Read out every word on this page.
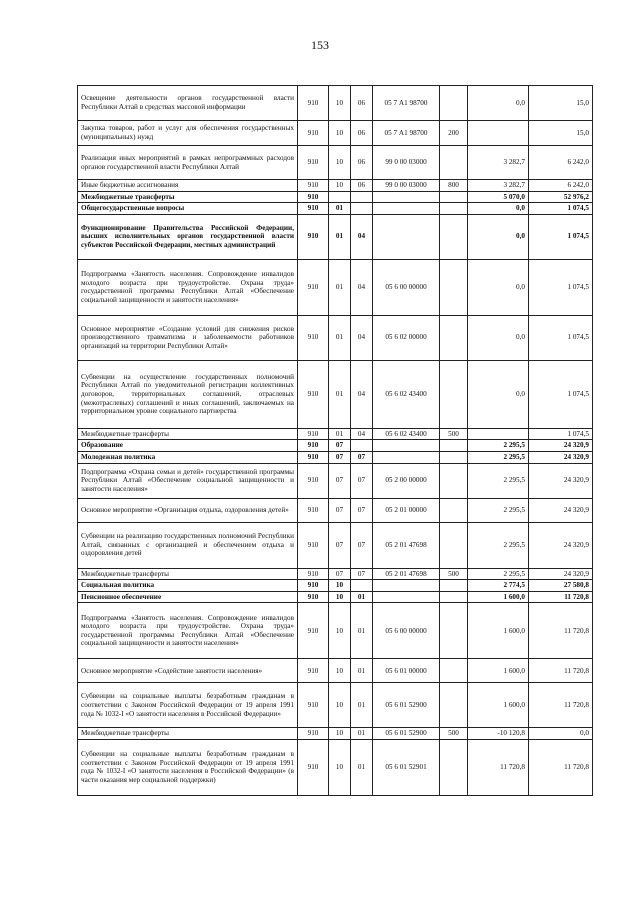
153
Освещение деятельности органов государственной власти Республики Алтай в средствах массовой информации	910	10	06	05 7 А1 98700		0,0	15,0
Закупка товаров, работ и услуг для обеспечения государственных (муниципальных) нужд	910	10	06	05 7 А1 98700	200		15,0
Реализация иных мероприятий в рамках непрограммных расходов органов государственной власти Республики Алтай	910	10	06	99 0 00 03000		3 282,7	6 242,0
Иные бюджетные ассигнования	910	10	06	99 0 00 03000	800	3 282,7	6 242,0
Межбюджетные трансферты	910					5 070,0	52 976,2
Общегосударственные вопросы	910	01				0,0	1 074,5
Функционирование Правительства Российской Федерации, высших исполнительных органов государственной власти субъектов Российской Федерации, местных администраций	910	01	04			0,0	1 074,5
Подпрограмма «Занятость населения. Сопровождение инвалидов молодого возраста при трудоустройстве. Охрана труда» государственной программы Республики Алтай «Обеспечение социальной защищенности и занятости населения»	910	01	04	05 6 00 00000		0,0	1 074,5
Основное мероприятие «Создание условий для снижения рисков производственного травматизма и заболеваемости работников организаций на территории Республики Алтай»	910	01	04	05 6 02 00000		0,0	1 074,5
Субвенции на осуществление государственных полномочий Республики Алтай по уведомительной регистрации коллективных договоров, территориальных соглашений, отраслевых (межотраслевых) соглашений и иных соглашений, заключаемых на территориальном уровне социального партнерства	910	01	04	05 6 02 43400		0,0	1 074,5
Межбюджетные трансферты	910	01	04	05 6 02 43400	500		1 074,5
Образование	910	07				2 295,5	24 320,9
Молодежная политика	910	07	07			2 295,5	24 320,9
Подпрограмма «Охрана семьи и детей» государственной программы Республики Алтай «Обеспечение социальной защищенности и занятости населения»	910	07	07	05 2 00 00000		2 295,5	24 320,9
Основное мероприятие «Организация отдыха, оздоровления детей»	910	07	07	05 2 01 00000		2 295,5	24 320,9
Субвенции на реализацию государственных полномочий Республики Алтай, связанных с организацией и обеспечением отдыха и оздоровления детей	910	07	07	05 2 01 47698		2 295,5	24 320,9
Межбюджетные трансферты	910	07	07	05 2 01 47698	500	2 295,5	24 320,9
Социальная политика	910	10				2 774,5	27 580,8
Пенсионное обеспечение	910	10	01			1 600,0	11 720,8
Подпрограмма «Занятость населения. Сопровождение инвалидов молодого возраста при трудоустройстве. Охрана труда» государственной программы Республики Алтай «Обеспечение социальной защищенности и занятости населения»	910	10	01	05 6 00 00000		1 600,0	11 720,8
Основное мероприятие «Содействие занятости населения»	910	10	01	05 6 01 00000		1 600,0	11 720,8
Субвенции на социальные выплаты безработным гражданам в соответствии с Законом Российской Федерации от 19 апреля 1991 года № 1032-I «О занятости населения в Российской Федерации»	910	10	01	05 6 01 52900		1 600,0	11 720,8
Межбюджетные трансферты	910	10	01	05 6 01 52900	500	-10 120,8	0,0
Субвенции на социальные выплаты безработным гражданам в соответствии с Законом Российской Федерации от 19 апреля 1991 года № 1032-I «О занятости населения в Российской Федерации» (в части оказания мер социальной поддержки)	910	10	01	05 6 01 52901		11 720,8	11 720,8
